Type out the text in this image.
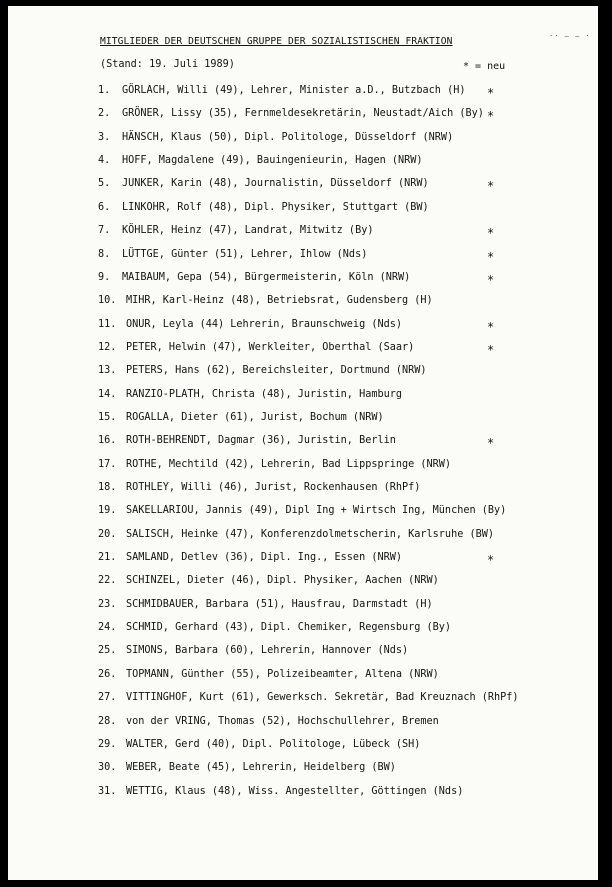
·· ‒ ‒ ·
MITGLIEDER DER DEUTSCHEN GRUPPE DER SOZIALISTISCHEN FRAKTION
(Stand: 19. Juli 1989)	* = neu
1. GÖRLACH, Willi (49), Lehrer, Minister a.D., Butzbach (H) *
2. GRÖNER, Lissy (35), Fernmeldesekretärin, Neustadt/Aich (By) *
3. HÄNSCH, Klaus (50), Dipl. Politologe, Düsseldorf (NRW)
4. HOFF, Magdalene (49), Bauingenieurin, Hagen (NRW)
5. JUNKER, Karin (48), Journalistin, Düsseldorf (NRW)	*
6. LINKOHR, Rolf (48), Dipl. Physiker, Stuttgart (BW)
7. KÖHLER, Heinz (47), Landrat, Mitwitz (By)	*
8. LÜTTGE, Günter (51), Lehrer, Ihlow (Nds)	*
9. MAIBAUM, Gepa (54), Bürgermeisterin, Köln (NRW)	*
10. MIHR, Karl-Heinz (48), Betriebsrat, Gudensberg (H)
11. ONUR, Leyla (44) Lehrerin, Braunschweig (Nds)	*
12. PETER, Helwin (47), Werkleiter, Oberthal (Saar)	*
13. PETERS, Hans (62), Bereichsleiter, Dortmund (NRW)
14. RANZIO-PLATH, Christa (48), Juristin, Hamburg
15. ROGALLA, Dieter (61), Jurist, Bochum (NRW)
16. ROTH-BEHRENDT, Dagmar (36), Juristin, Berlin	*
17. ROTHE, Mechtild (42), Lehrerin, Bad Lippspringe (NRW)
18. ROTHLEY, Willi (46), Jurist, Rockenhausen (RhPf)
19. SAKELLARIOU, Jannis (49), Dipl Ing + Wirtsch Ing, München (By)
20. SALISCH, Heinke (47), Konferenzdolmetscherin, Karlsruhe (BW)
21. SAMLAND, Detlev (36), Dipl. Ing., Essen (NRW)	*
22. SCHINZEL, Dieter (46), Dipl. Physiker, Aachen (NRW)
23. SCHMIDBAUER, Barbara (51), Hausfrau, Darmstadt (H)
24. SCHMID, Gerhard (43), Dipl. Chemiker, Regensburg (By)
25. SIMONS, Barbara (60), Lehrerin, Hannover (Nds)
26. TOPMANN, Günther (55), Polizeibeamter, Altena (NRW)
27. VITTINGHOF, Kurt (61), Gewerksch. Sekretär, Bad Kreuznach (RhPf)
28. von der VRING, Thomas (52), Hochschullehrer, Bremen
29. WALTER, Gerd (40), Dipl. Politologe, Lübeck (SH)
30. WEBER, Beate (45), Lehrerin, Heidelberg (BW)
31. WETTIG, Klaus (48), Wiss. Angestellter, Göttingen (Nds)
